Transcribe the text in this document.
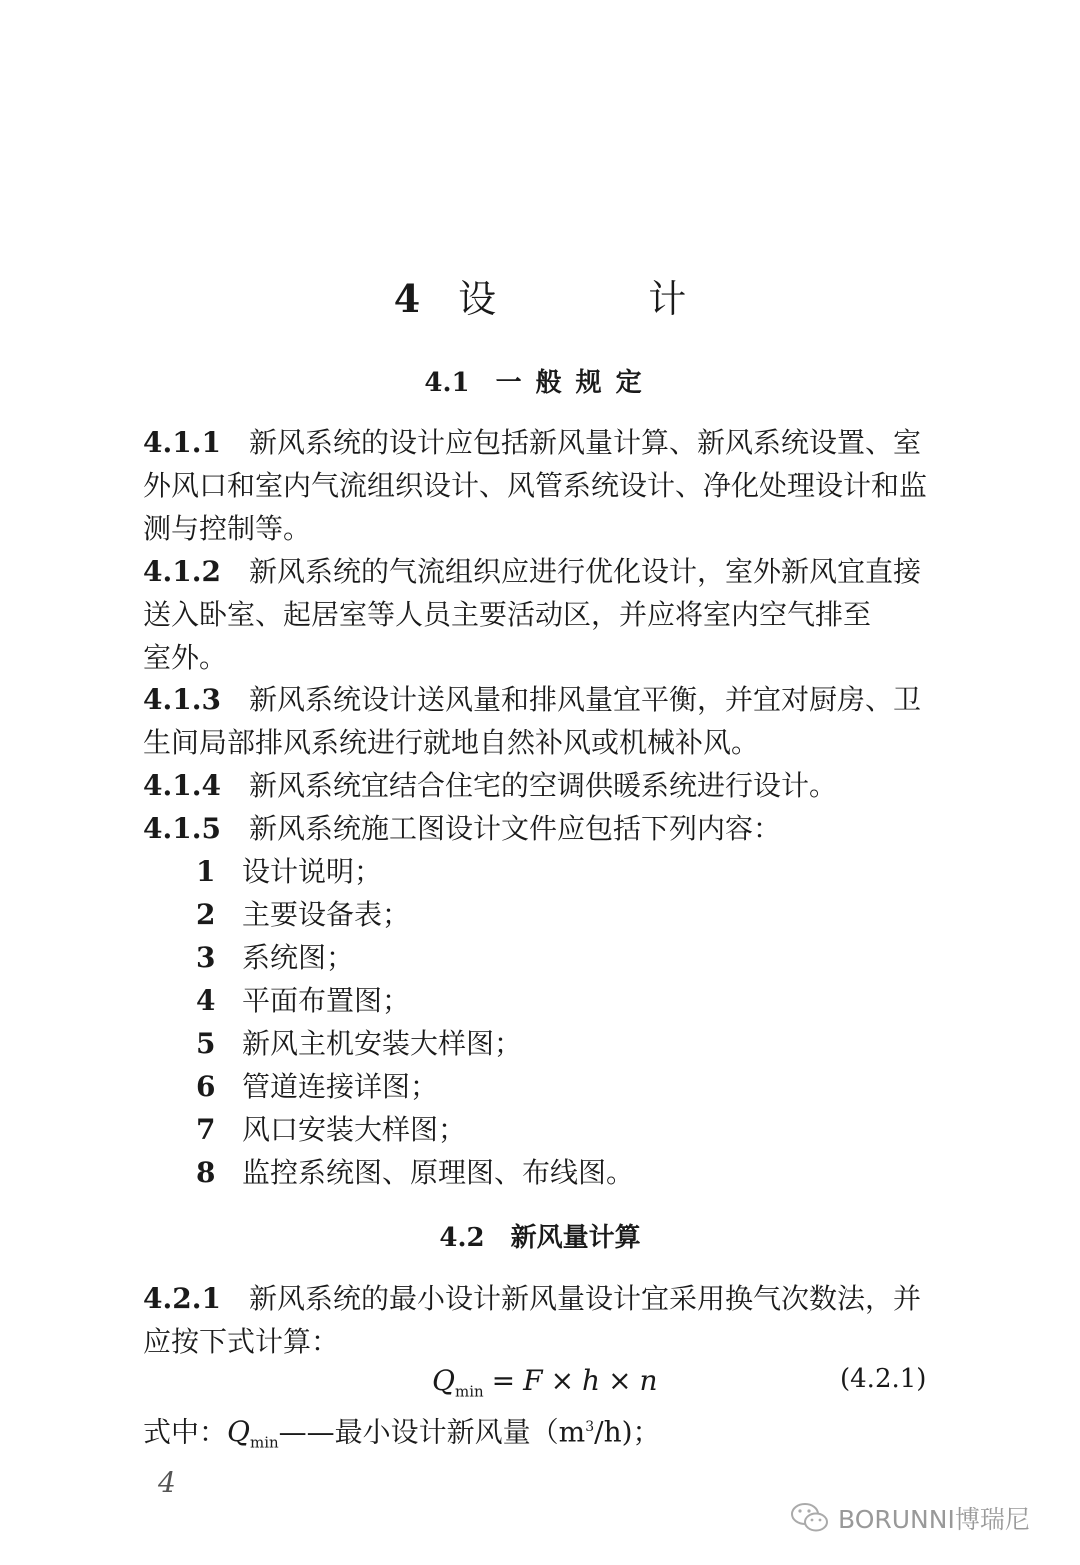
4 设 计
4.1 一般规定
4.1.1 新风系统的设计应包括新风量计算、新风系统设置、室
外风口和室内气流组织设计、风管系统设计、净化处理设计和监
测与控制等。
4.1.2 新风系统的气流组织应进行优化设计，室外新风宜直接
送入卧室、起居室等人员主要活动区，并应将室内空气排至
室外。
4.1.3 新风系统设计送风量和排风量宜平衡，并宜对厨房、卫
生间局部排风系统进行就地自然补风或机械补风。
4.1.4 新风系统宜结合住宅的空调供暖系统进行设计。
4.1.5 新风系统施工图设计文件应包括下列内容：
1 设计说明；
2 主要设备表；
3 系统图；
4 平面布置图；
5 新风主机安装大样图；
6 管道连接详图；
7 风口安装大样图；
8 监控系统图、原理图、布线图。
4.2 新风量计算
4.2.1 新风系统的最小设计新风量设计宜采用换气次数法，并
应按下式计算：
$Q_{min} = F \times h \times n$	(4.2.1)
式中：$Q_{min}——$最小设计新风量$(m^3/h)$；
4
BORUNNI博瑞尼
